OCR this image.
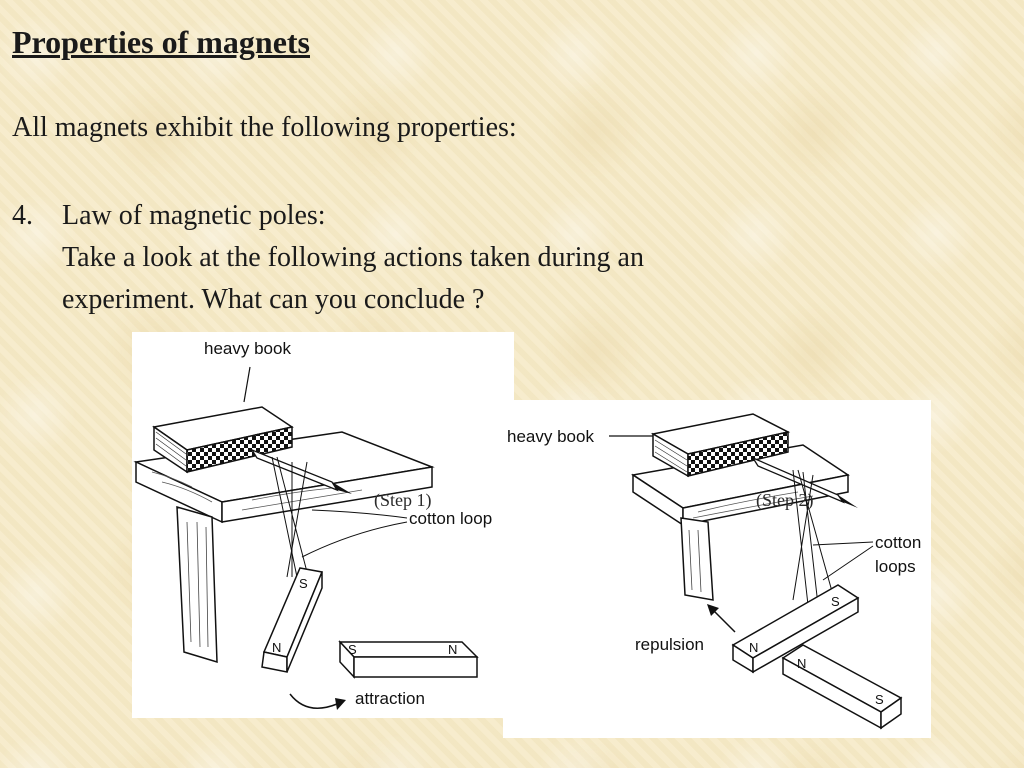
Properties of magnets
All magnets exhibit the following properties:
4.	Law of magnetic poles:
Take a look at the following actions taken during an
experiment. What can you conclude ?
heavy book
cotton loop
S
N	S	N
attraction
heavy book
cotton
loops
repulsion
S
N
N
S
(Step 1)	(Step 2)
